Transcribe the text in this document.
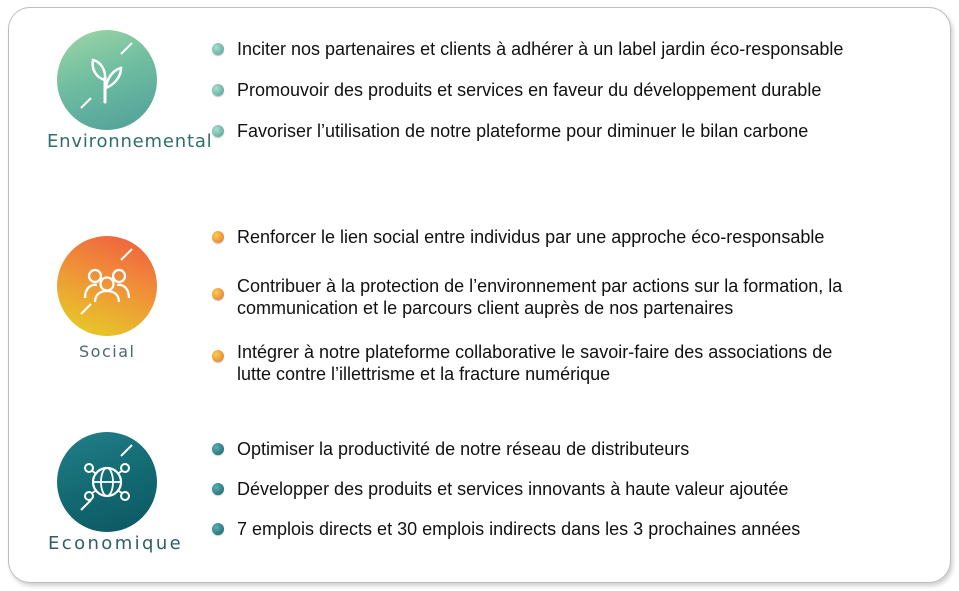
Environnemental
Inciter nos partenaires et clients à adhérer à un label jardin éco-responsable
Promouvoir des produits et services en faveur du développement durable
Favoriser l’utilisation de notre plateforme pour diminuer le bilan carbone
Social
Renforcer le lien social entre individus par une approche éco-responsable
Contribuer à la protection de l’environnement par actions sur la formation, la
communication et le parcours client auprès de nos partenaires
Intégrer à notre plateforme collaborative le savoir-faire des associations de
lutte contre l’illettrisme et la fracture numérique
Economique
Optimiser la productivité de notre réseau de distributeurs
Développer des produits et services innovants à haute valeur ajoutée
7 emplois directs et 30 emplois indirects dans les 3 prochaines années
